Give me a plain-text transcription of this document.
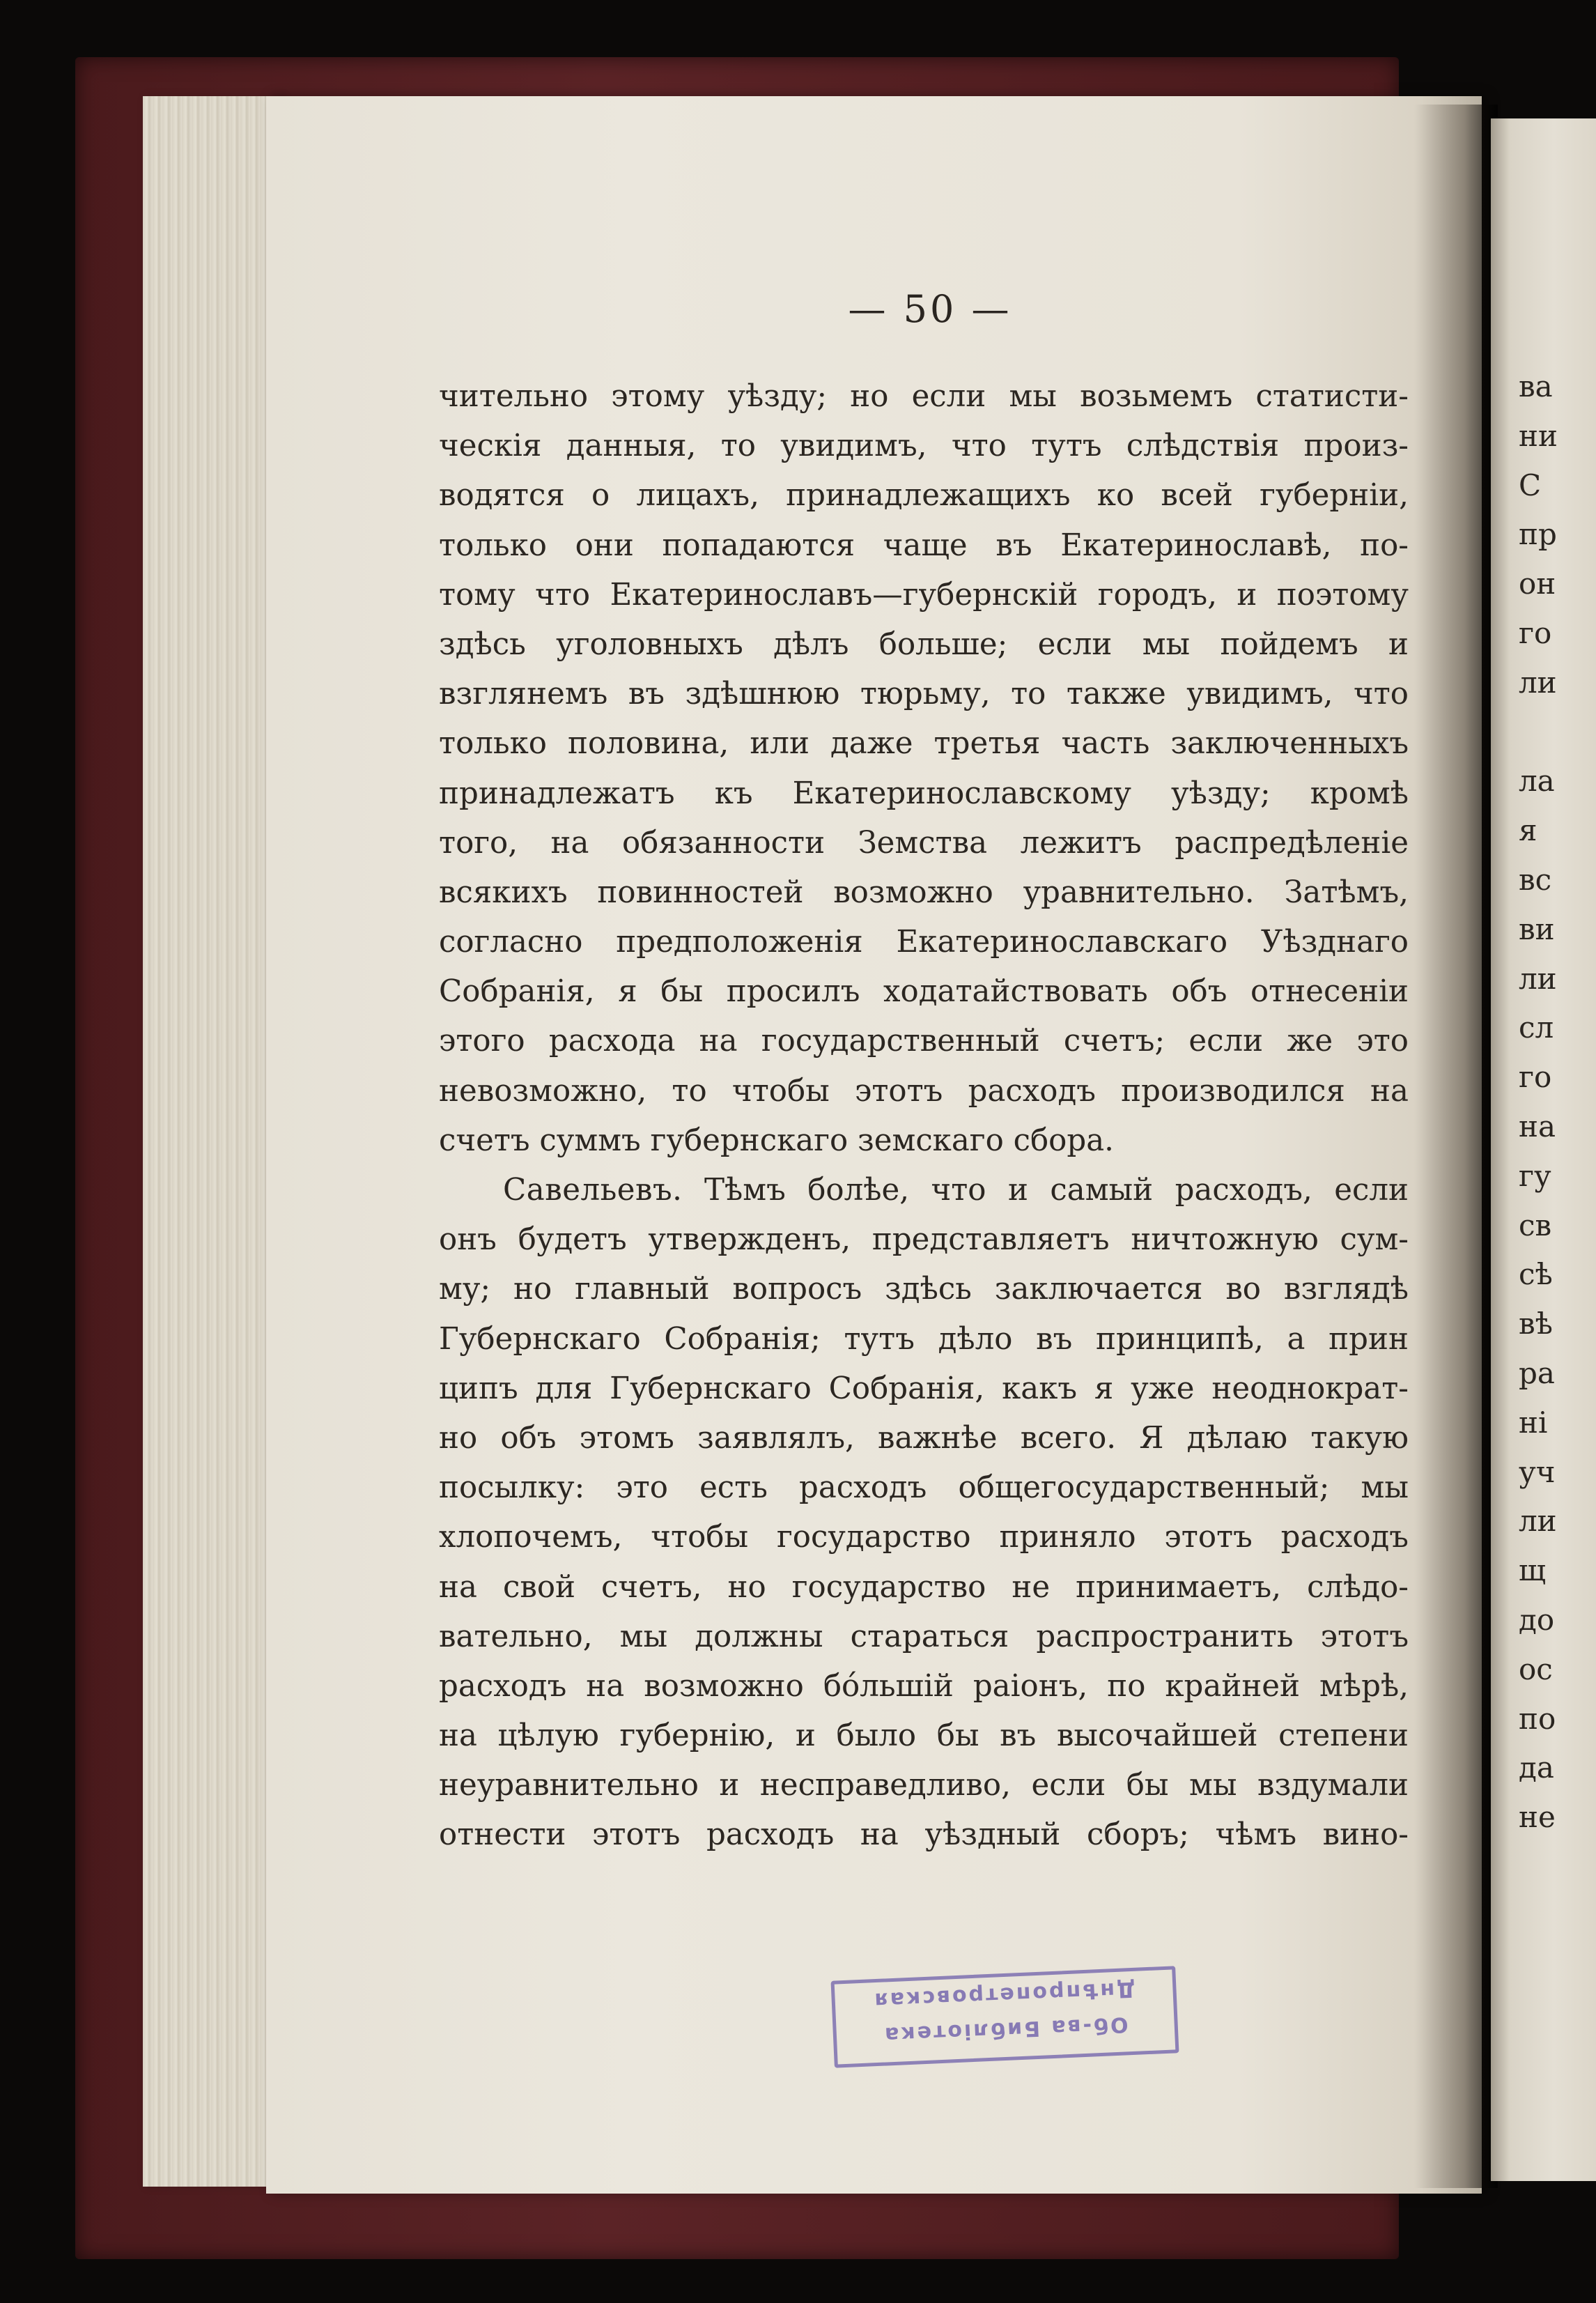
ва
ни
С
пр
он
го
ли
ла
я
вс
ви
ли
сл
го
на
гу
св
сѣ
вѣ
ра
ні
уч
ли
щ
до
ос
по
да
не
— 50 —
чительно этому уѣзду; но если мы возьмемъ статисти-
ческія данныя, то увидимъ, что тутъ слѣдствія произ-
водятся о лицахъ, принадлежащихъ ко всей губерніи,
только они попадаются чаще въ Екатеринославѣ, по-
тому что Екатеринославъ—губернскій городъ, и поэтому
здѣсь уголовныхъ дѣлъ больше; если мы пойдемъ и
взглянемъ въ здѣшнюю тюрьму, то также увидимъ, что
только половина, или даже третья часть заключенныхъ
принадлежатъ къ Екатеринославскому уѣзду; кромѣ
того, на обязанности Земства лежитъ распредѣленіе
всякихъ повинностей возможно уравнительно. Затѣмъ,
согласно предположенія Екатеринославскаго Уѣзднаго
Собранія, я бы просилъ ходатайствовать объ отнесеніи
этого расхода на государственный счетъ; если же это
невозможно, то чтобы этотъ расходъ производился на
счетъ суммъ губернскаго земскаго сбора.
Савельевъ. Тѣмъ болѣе, что и самый расходъ, если
онъ будетъ утвержденъ, представляетъ ничтожную сум-
му; но главный вопросъ здѣсь заключается во взглядѣ
Губернскаго Собранія; тутъ дѣло въ принципѣ, а прин
ципъ для Губернскаго Собранія, какъ я уже неоднократ-
но объ этомъ заявлялъ, важнѣе всего. Я дѣлаю такую
посылку: это есть расходъ общегосударственный; мы
хлопочемъ, чтобы государство приняло этотъ расходъ
на свой счетъ, но государство не принимаетъ, слѣдо-
вательно, мы должны стараться распространить этотъ
расходъ на возможно бóльшій раіонъ, по крайней мѣрѣ,
на цѣлую губернію, и было бы въ высочайшей степени
неуравнительно и несправедливо, если бы мы вздумали
отнести этотъ расходъ на уѣздный сборъ; чѣмъ вино-
Днѣпропетровская
Об-ва Библіотека
